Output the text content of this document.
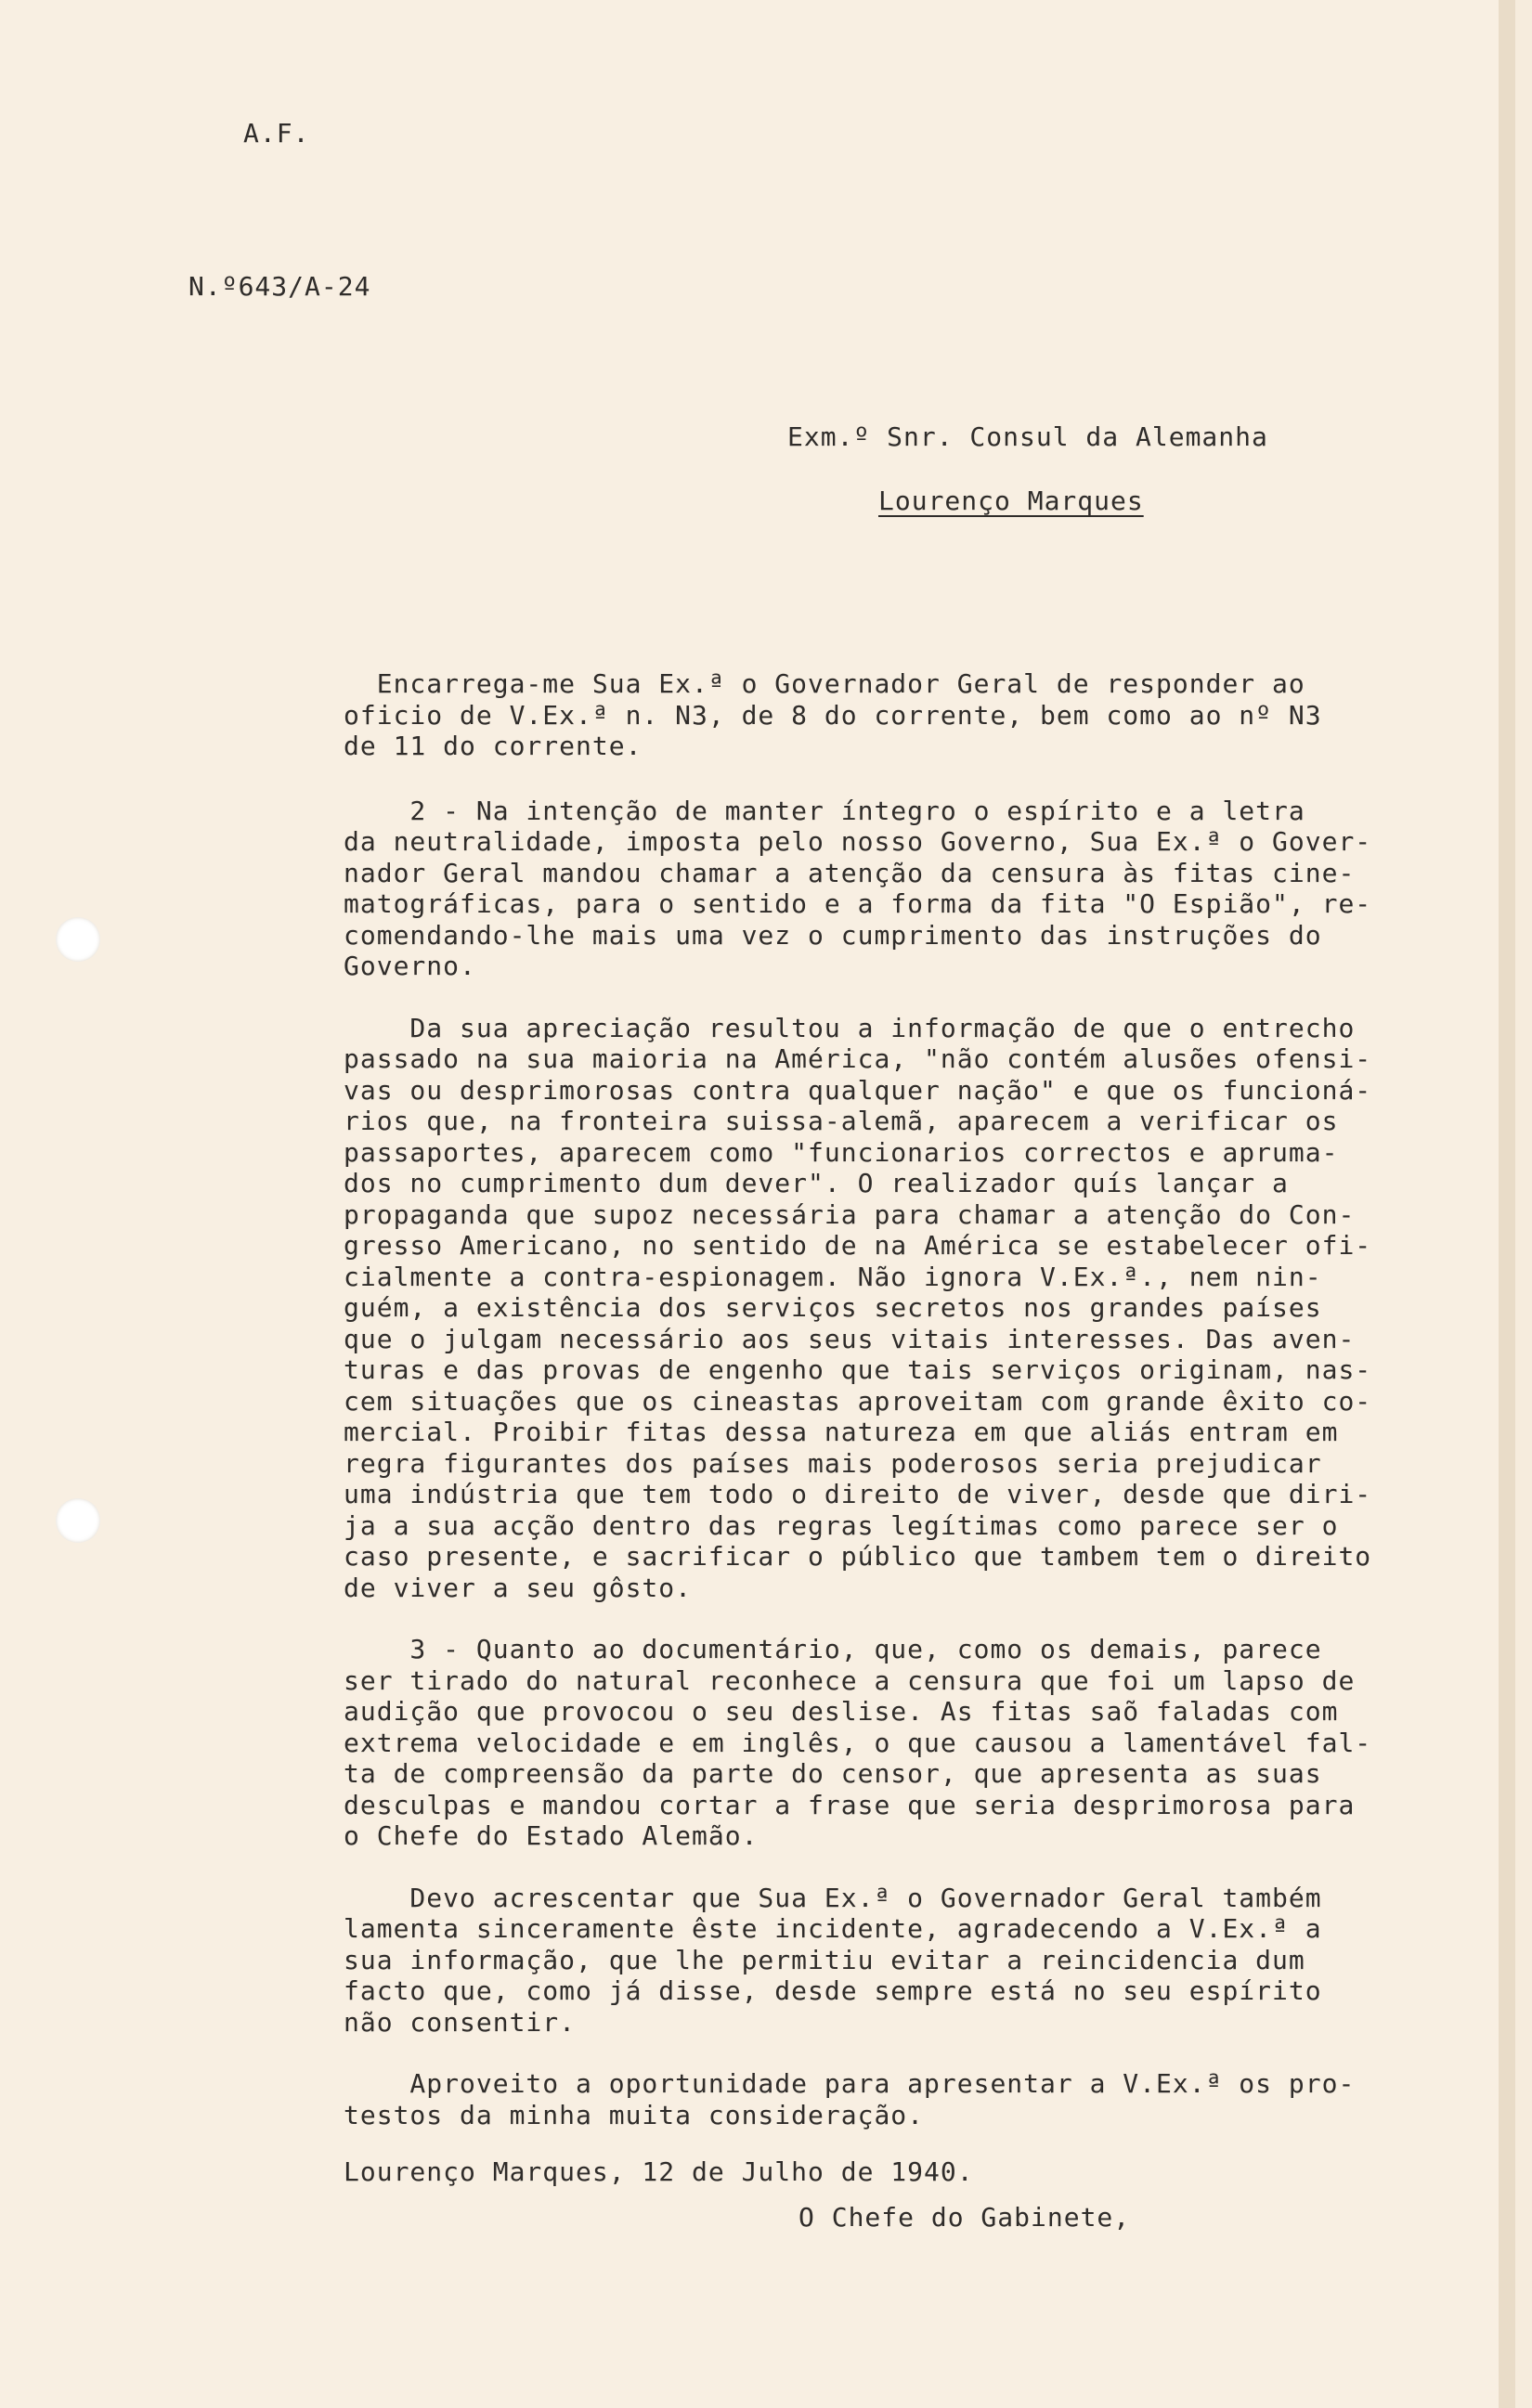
A.F.
N.º643/A-24
Exm.º Snr. Consul da Alemanha
Lourenço Marques

Encarrega-me Sua Ex.ª o Governador Geral de responder ao
oficio de V.Ex.ª n. N3, de 8 do corrente, bem como ao nº N3
de 11 do corrente.

2 - Na intenção de manter íntegro o espírito e a letra
da neutralidade, imposta pelo nosso Governo, Sua Ex.ª o Gover-
nador Geral mandou chamar a atenção da censura às fitas cine-
matográficas, para o sentido e a forma da fita "O Espião", re-
comendando-lhe mais uma vez o cumprimento das instruções do
Governo.

Da sua apreciação resultou a informação de que o entrecho
passado na sua maioria na América, "não contém alusões ofensi-
vas ou desprimorosas contra qualquer nação" e que os funcioná-
rios que, na fronteira suissa-alemã, aparecem a verificar os
passaportes, aparecem como "funcionarios correctos e apruma-
dos no cumprimento dum dever". O realizador quís lançar a
propaganda que supoz necessária para chamar a atenção do Con-
gresso Americano, no sentido de na América se estabelecer ofi-
cialmente a contra-espionagem. Não ignora V.Ex.ª., nem nin-
guém, a existência dos serviços secretos nos grandes países
que o julgam necessário aos seus vitais interesses. Das aven-
turas e das provas de engenho que tais serviços originam, nas-
cem situações que os cineastas aproveitam com grande êxito co-
mercial. Proibir fitas dessa natureza em que aliás entram em
regra figurantes dos países mais poderosos seria prejudicar
uma indústria que tem todo o direito de viver, desde que diri-
ja a sua acção dentro das regras legítimas como parece ser o
caso presente, e sacrificar o público que tambem tem o direito
de viver a seu gôsto.

3 - Quanto ao documentário, que, como os demais, parece
ser tirado do natural reconhece a censura que foi um lapso de
audição que provocou o seu deslise. As fitas saõ faladas com
extrema velocidade e em inglês, o que causou a lamentável fal-
ta de compreensão da parte do censor, que apresenta as suas
desculpas e mandou cortar a frase que seria desprimorosa para
o Chefe do Estado Alemão.

Devo acrescentar que Sua Ex.ª o Governador Geral também
lamenta sinceramente êste incidente, agradecendo a V.Ex.ª a
sua informação, que lhe permitiu evitar a reincidencia dum
facto que, como já disse, desde sempre está no seu espírito
não consentir.

Aproveito a oportunidade para apresentar a V.Ex.ª os pro-
testos da minha muita consideração.

Lourenço Marques, 12 de Julho de 1940.

O Chefe do Gabinete,
